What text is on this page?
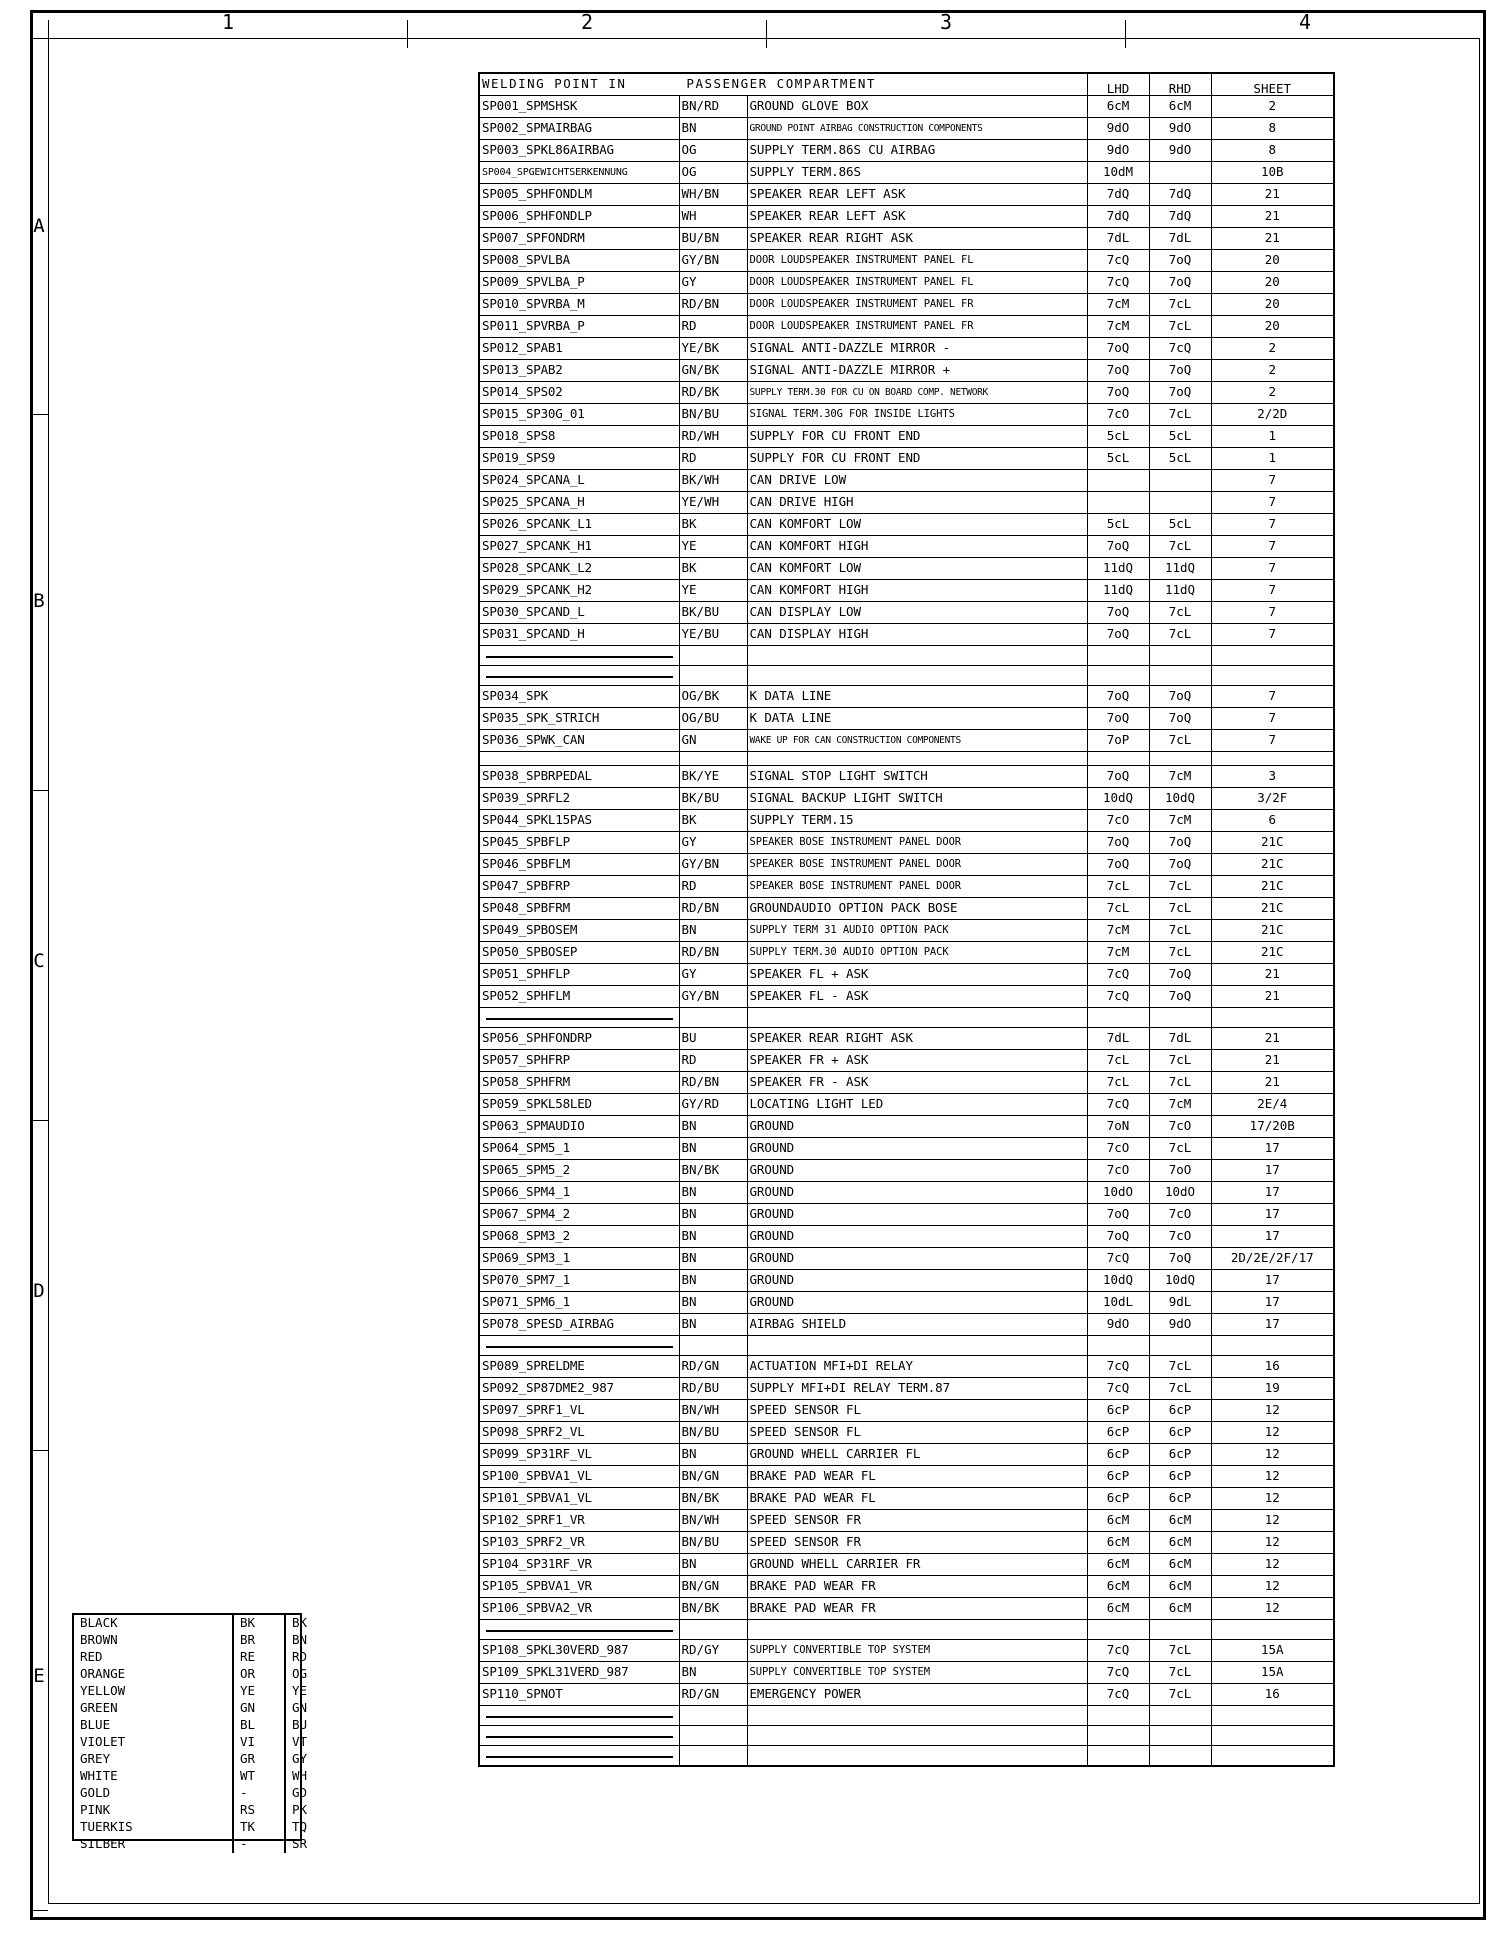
1	2	3	4
A
B
C
D
E
WELDING POINT IN PASSENGER COMPARTMENT			LHD	RHD	SHEET
SP001_SPMSHSK	BN/RD	GROUND GLOVE BOX	6cM	6cM	2
SP002_SPMAIRBAG	BN	GROUND POINT AIRBAG CONSTRUCTION COMPONENTS	9dO	9dO	8
SP003_SPKL86AIRBAG	OG	SUPPLY TERM.86S CU AIRBAG	9dO	9dO	8
SP004_SPGEWICHTSERKENNUNG	OG	SUPPLY TERM.86S	10dM		10B
SP005_SPHFONDLM	WH/BN	SPEAKER REAR LEFT ASK	7dQ	7dQ	21
SP006_SPHFONDLP	WH	SPEAKER REAR LEFT ASK	7dQ	7dQ	21
SP007_SPFONDRM	BU/BN	SPEAKER REAR RIGHT ASK	7dL	7dL	21
SP008_SPVLBA	GY/BN	DOOR LOUDSPEAKER INSTRUMENT PANEL FL	7cQ	7oQ	20
SP009_SPVLBA_P	GY	DOOR LOUDSPEAKER INSTRUMENT PANEL FL	7cQ	7oQ	20
SP010_SPVRBA_M	RD/BN	DOOR LOUDSPEAKER INSTRUMENT PANEL FR	7cM	7cL	20
SP011_SPVRBA_P	RD	DOOR LOUDSPEAKER INSTRUMENT PANEL FR	7cM	7cL	20
SP012_SPAB1	YE/BK	SIGNAL ANTI-DAZZLE MIRROR -	7oQ	7cQ	2
SP013_SPAB2	GN/BK	SIGNAL ANTI-DAZZLE MIRROR +	7oQ	7oQ	2
SP014_SPS02	RD/BK	SUPPLY TERM.30 FOR CU ON BOARD COMP. NETWORK	7oQ	7oQ	2
SP015_SP30G_01	BN/BU	SIGNAL TERM.30G FOR INSIDE LIGHTS	7cO	7cL	2/2D
SP018_SPS8	RD/WH	SUPPLY FOR CU FRONT END	5cL	5cL	1
SP019_SPS9	RD	SUPPLY FOR CU FRONT END	5cL	5cL	1
SP024_SPCANA_L	BK/WH	CAN DRIVE LOW			7
SP025_SPCANA_H	YE/WH	CAN DRIVE HIGH			7
SP026_SPCANK_L1	BK	CAN KOMFORT LOW	5cL	5cL	7
SP027_SPCANK_H1	YE	CAN KOMFORT HIGH	7oQ	7cL	7
SP028_SPCANK_L2	BK	CAN KOMFORT LOW	11dQ	11dQ	7
SP029_SPCANK_H2	YE	CAN KOMFORT HIGH	11dQ	11dQ	7
SP030_SPCAND_L	BK/BU	CAN DISPLAY LOW	7oQ	7cL	7
SP031_SPCAND_H	YE/BU	CAN DISPLAY HIGH	7oQ	7cL	7

SP034_SPK	OG/BK	K DATA LINE	7oQ	7oQ	7
SP035_SPK_STRICH	OG/BU	K DATA LINE	7oQ	7oQ	7
SP036_SPWK_CAN	GN	WAKE UP FOR CAN CONSTRUCTION COMPONENTS	7oP	7cL	7

SP038_SPBRPEDAL	BK/YE	SIGNAL STOP LIGHT SWITCH	7oQ	7cM	3
SP039_SPRFL2	BK/BU	SIGNAL BACKUP LIGHT SWITCH	10dQ	10dQ	3/2F
SP044_SPKL15PAS	BK	SUPPLY TERM.15	7cO	7cM	6
SP045_SPBFLP	GY	SPEAKER BOSE INSTRUMENT PANEL DOOR	7oQ	7oQ	21C
SP046_SPBFLM	GY/BN	SPEAKER BOSE INSTRUMENT PANEL DOOR	7oQ	7oQ	21C
SP047_SPBFRP	RD	SPEAKER BOSE INSTRUMENT PANEL DOOR	7cL	7cL	21C
SP048_SPBFRM	RD/BN	GROUNDAUDIO OPTION PACK BOSE	7cL	7cL	21C
SP049_SPBOSEM	BN	SUPPLY TERM 31 AUDIO OPTION PACK	7cM	7cL	21C
SP050_SPBOSEP	RD/BN	SUPPLY TERM.30 AUDIO OPTION PACK	7cM	7cL	21C
SP051_SPHFLP	GY	SPEAKER FL + ASK	7cQ	7oQ	21
SP052_SPHFLM	GY/BN	SPEAKER FL - ASK	7cQ	7oQ	21

SP056_SPHFONDRP	BU	SPEAKER REAR RIGHT ASK	7dL	7dL	21
SP057_SPHFRP	RD	SPEAKER FR + ASK	7cL	7cL	21
SP058_SPHFRM	RD/BN	SPEAKER FR - ASK	7cL	7cL	21
SP059_SPKL58LED	GY/RD	LOCATING LIGHT LED	7cQ	7cM	2E/4
SP063_SPMAUDIO	BN	GROUND	7oN	7cO	17/20B
SP064_SPM5_1	BN	GROUND	7cO	7cL	17
SP065_SPM5_2	BN/BK	GROUND	7cO	7oO	17
SP066_SPM4_1	BN	GROUND	10dO	10dO	17
SP067_SPM4_2	BN	GROUND	7oQ	7cO	17
SP068_SPM3_2	BN	GROUND	7oQ	7cO	17
SP069_SPM3_1	BN	GROUND	7cQ	7oQ	2D/2E/2F/17
SP070_SPM7_1	BN	GROUND	10dQ	10dQ	17
SP071_SPM6_1	BN	GROUND	10dL	9dL	17
SP078_SPESD_AIRBAG	BN	AIRBAG SHIELD	9dO	9dO	17

SP089_SPRELDME	RD/GN	ACTUATION MFI+DI RELAY	7cQ	7cL	16
SP092_SP87DME2_987	RD/BU	SUPPLY MFI+DI RELAY TERM.87	7cQ	7cL	19
SP097_SPRF1_VL	BN/WH	SPEED SENSOR FL	6cP	6cP	12
SP098_SPRF2_VL	BN/BU	SPEED SENSOR FL	6cP	6cP	12
SP099_SP31RF_VL	BN	GROUND WHELL CARRIER FL	6cP	6cP	12
SP100_SPBVA1_VL	BN/GN	BRAKE PAD WEAR FL	6cP	6cP	12
SP101_SPBVA1_VL	BN/BK	BRAKE PAD WEAR FL	6cP	6cP	12
SP102_SPRF1_VR	BN/WH	SPEED SENSOR FR	6cM	6cM	12
SP103_SPRF2_VR	BN/BU	SPEED SENSOR FR	6cM	6cM	12
SP104_SP31RF_VR	BN	GROUND WHELL CARRIER FR	6cM	6cM	12
SP105_SPBVA1_VR	BN/GN	BRAKE PAD WEAR FR	6cM	6cM	12
SP106_SPBVA2_VR	BN/BK	BRAKE PAD WEAR FR	6cM	6cM	12

SP108_SPKL30VERD_987	RD/GY	SUPPLY CONVERTIBLE TOP SYSTEM	7cQ	7cL	15A
SP109_SPKL31VERD_987	BN	SUPPLY CONVERTIBLE TOP SYSTEM	7cQ	7cL	15A
SP110_SPNOT	RD/GN	EMERGENCY POWER	7cQ	7cL	16

BLACK	BK	BK
BROWN	BR	BN
RED	RE	RD
ORANGE	OR	OG
YELLOW	YE	YE
GREEN	GN	GN
BLUE	BL	BU
VIOLET	VI	VT
GREY	GR	GY
WHITE	WT	WH
GOLD	-	GD
PINK	RS	PK
TUERKIS	TK	TQ
SILBER	-	SR
